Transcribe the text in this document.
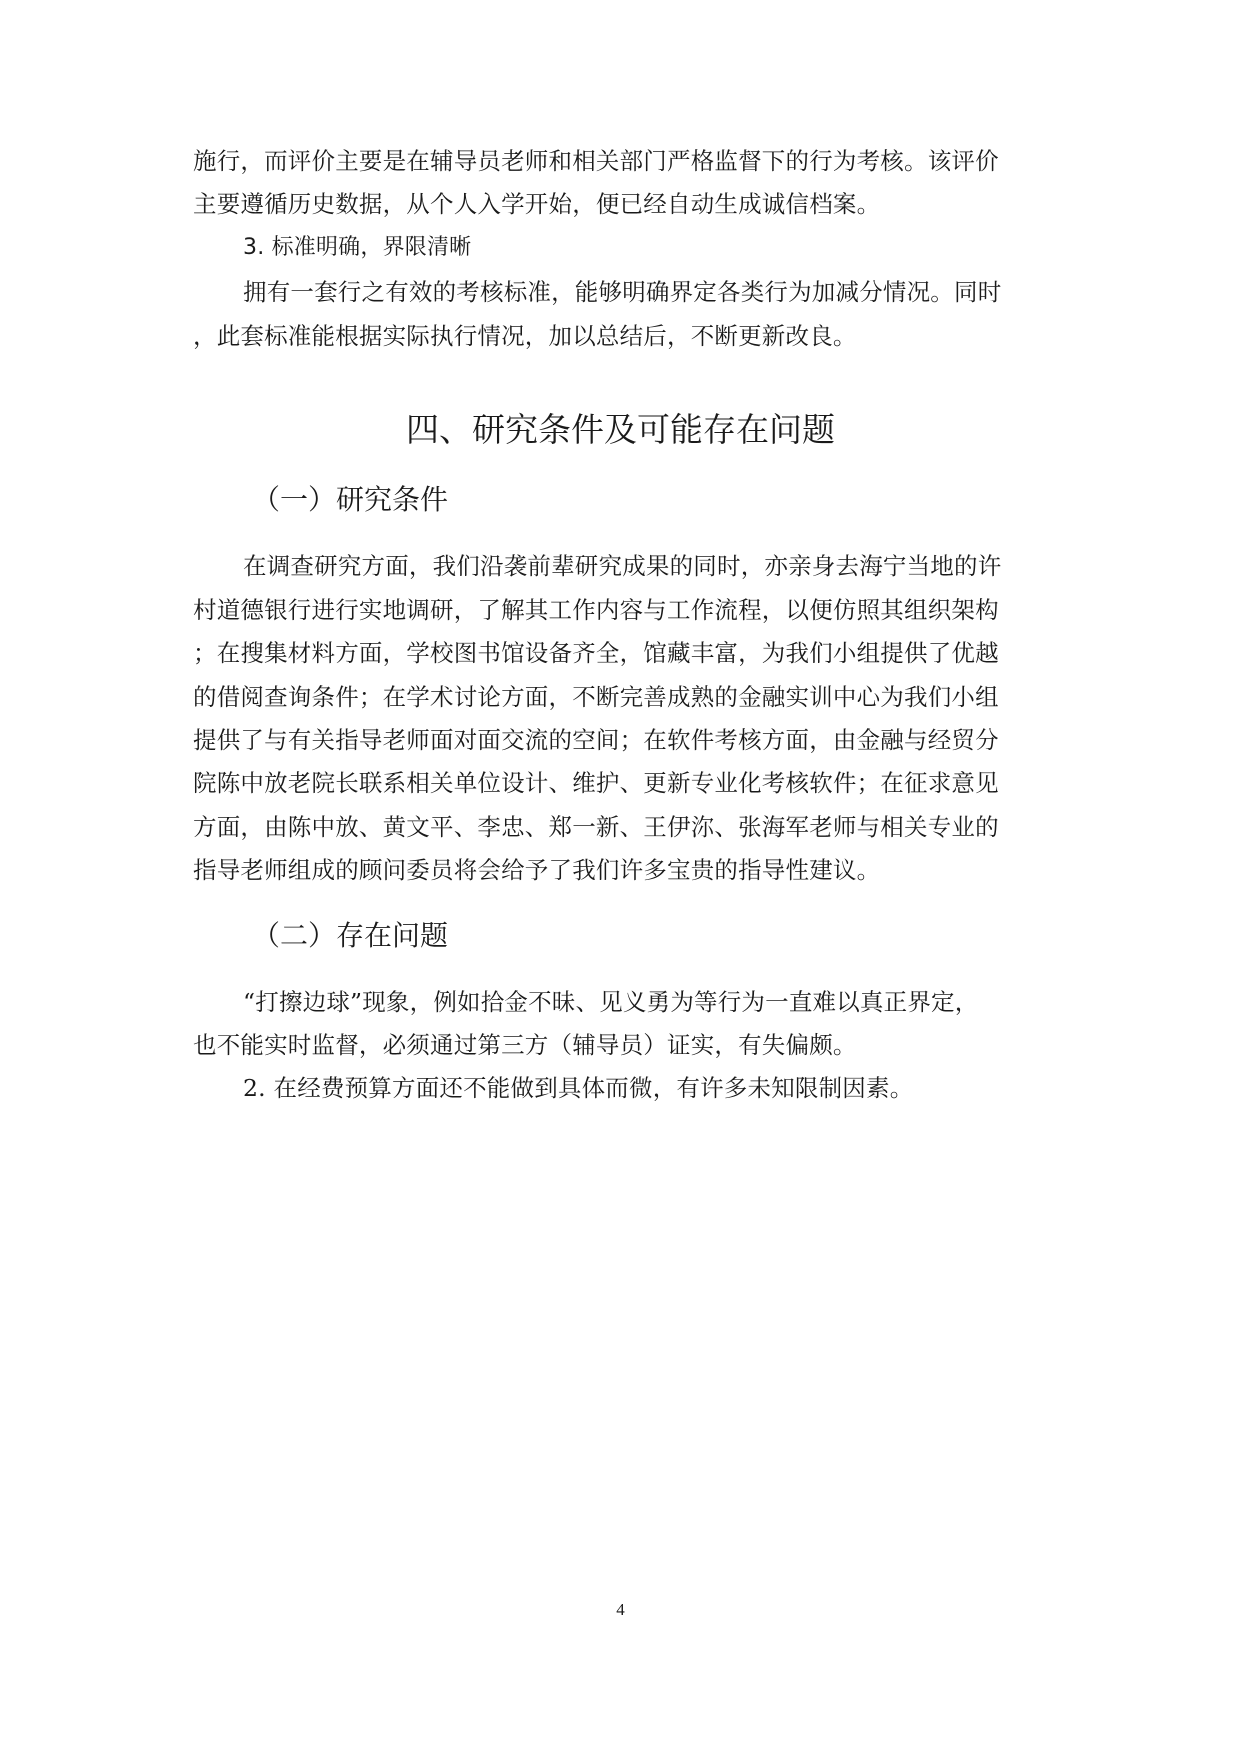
施行，而评价主要是在辅导员老师和相关部门严格监督下的行为考核。该评价
主要遵循历史数据，从个人入学开始，便已经自动生成诚信档案。
3. 标准明确，界限清晰
拥有一套行之有效的考核标准，能够明确界定各类行为加减分情况。同时
，此套标准能根据实际执行情况，加以总结后，不断更新改良。
四、研究条件及可能存在问题
（一）研究条件
在调查研究方面，我们沿袭前辈研究成果的同时，亦亲身去海宁当地的许
村道德银行进行实地调研，了解其工作内容与工作流程，以便仿照其组织架构
；在搜集材料方面，学校图书馆设备齐全，馆藏丰富，为我们小组提供了优越
的借阅查询条件；在学术讨论方面，不断完善成熟的金融实训中心为我们小组
提供了与有关指导老师面对面交流的空间；在软件考核方面，由金融与经贸分
院陈中放老院长联系相关单位设计、维护、更新专业化考核软件；在征求意见
方面，由陈中放、黄文平、李忠、郑一新、王伊沵、张海军老师与相关专业的
指导老师组成的顾问委员将会给予了我们许多宝贵的指导性建议。
（二）存在问题
“打擦边球”现象，例如拾金不昧、见义勇为等行为一直难以真正界定，
也不能实时监督，必须通过第三方（辅导员）证实，有失偏颇。
2. 在经费预算方面还不能做到具体而微，有许多未知限制因素。
4
